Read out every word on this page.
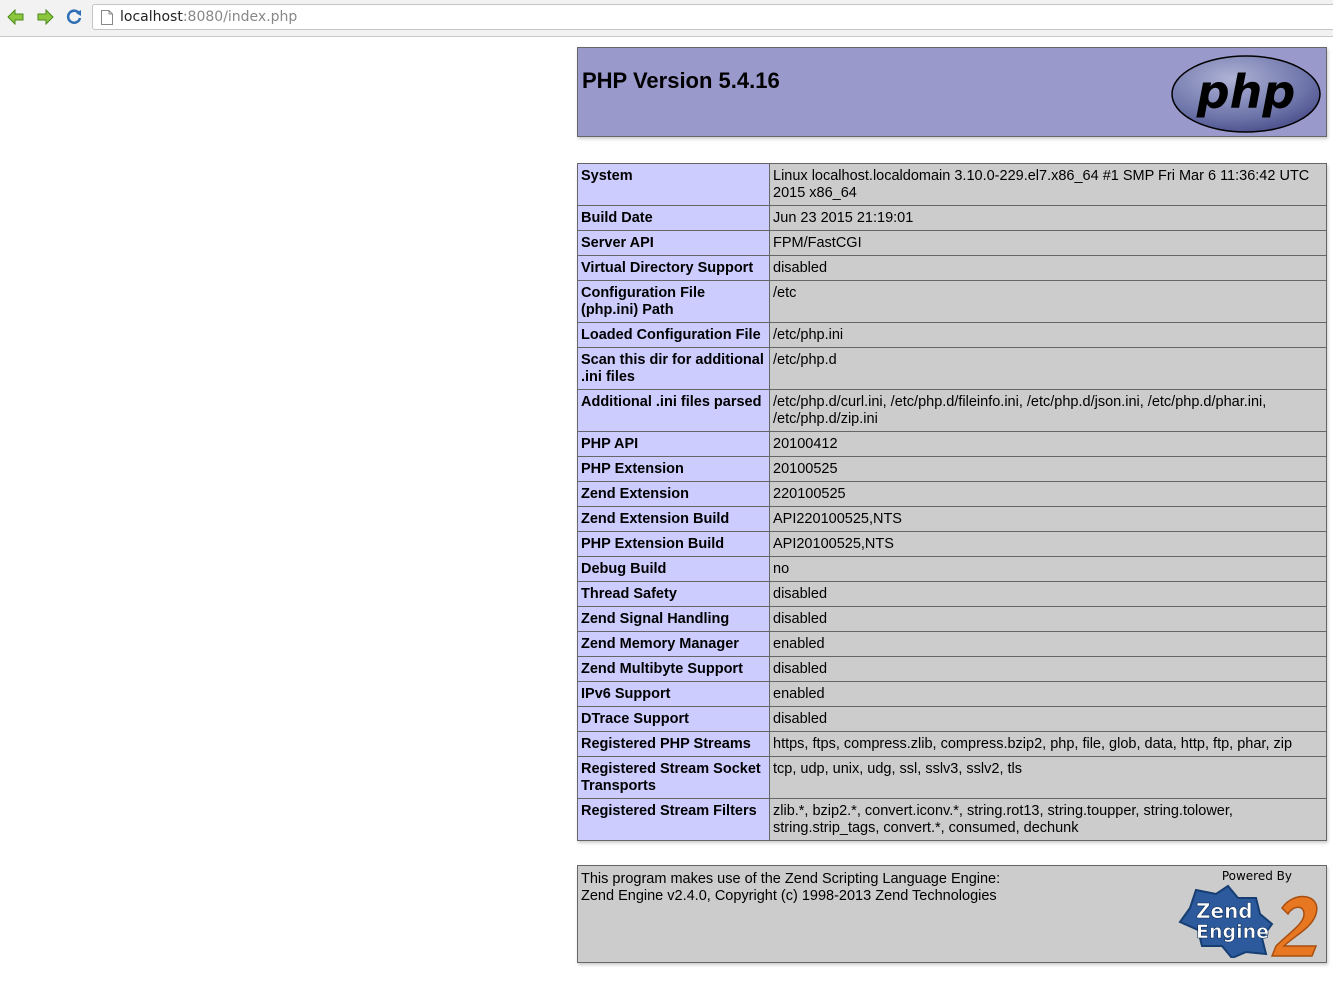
localhost:8080/index.php
PHP Version 5.4.16	php
System	Linux localhost.localdomain 3.10.0-229.el7.x86_64 #1 SMP Fri Mar 6 11:36:42 UTC 2015 x86_64
Build Date	Jun 23 2015 21:19:01
Server API	FPM/FastCGI
Virtual Directory Support	disabled
Configuration File (php.ini) Path	/etc
Loaded Configuration File	/etc/php.ini
Scan this dir for additional .ini files	/etc/php.d
Additional .ini files parsed	/etc/php.d/curl.ini, /etc/php.d/fileinfo.ini, /etc/php.d/json.ini, /etc/php.d/phar.ini, /etc/php.d/zip.ini
PHP API	20100412
PHP Extension	20100525
Zend Extension	220100525
Zend Extension Build	API220100525,NTS
PHP Extension Build	API20100525,NTS
Debug Build	no
Thread Safety	disabled
Zend Signal Handling	disabled
Zend Memory Manager	enabled
Zend Multibyte Support	disabled
IPv6 Support	enabled
DTrace Support	disabled
Registered PHP Streams	https, ftps, compress.zlib, compress.bzip2, php, file, glob, data, http, ftp, phar, zip
Registered Stream Socket Transports	tcp, udp, unix, udg, ssl, sslv3, sslv2, tls
Registered Stream Filters	zlib.*, bzip2.*, convert.iconv.*, string.rot13, string.toupper, string.tolower, string.strip_tags, convert.*, consumed, dechunk
This program makes use of the Zend Scripting Language Engine:
Zend Engine v2.4.0, Copyright (c) 1998-2013 Zend Technologies
Powered By
Zend
Engine
